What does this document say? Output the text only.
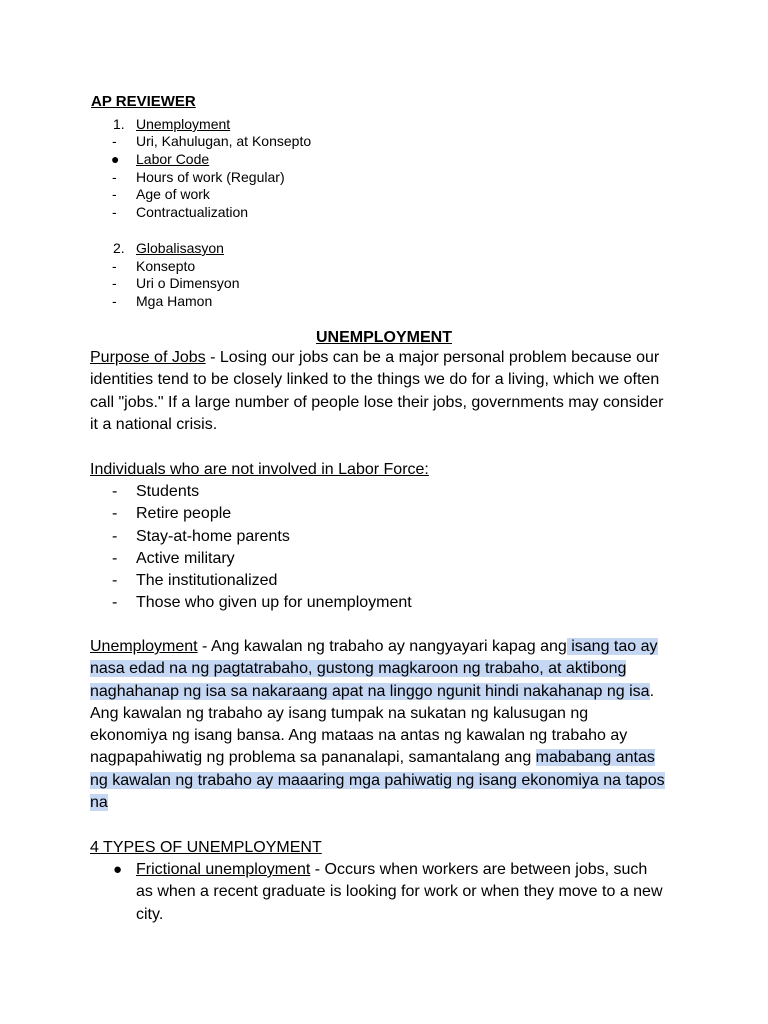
AP REVIEWER
1. Unemployment
- Uri, Kahulugan, at Konsepto
● Labor Code
- Hours of work (Regular)
- Age of work
- Contractualization
2. Globalisasyon
- Konsepto
- Uri o Dimensyon
- Mga Hamon
UNEMPLOYMENT
Purpose of Jobs - Losing our jobs can be a major personal problem because our
identities tend to be closely linked to the things we do for a living, which we often
call "jobs." If a large number of people lose their jobs, governments may consider
it a national crisis.
Individuals who are not involved in Labor Force:
- Students
- Retire people
- Stay-at-home parents
- Active military
- The institutionalized
- Those who given up for unemployment
Unemployment - Ang kawalan ng trabaho ay nangyayari kapag ang isang tao ay
nasa edad na ng pagtatrabaho, gustong magkaroon ng trabaho, at aktibong
naghahanap ng isa sa nakaraang apat na linggo ngunit hindi nakahanap ng isa.
Ang kawalan ng trabaho ay isang tumpak na sukatan ng kalusugan ng
ekonomiya ng isang bansa. Ang mataas na antas ng kawalan ng trabaho ay
nagpapahiwatig ng problema sa pananalapi, samantalang ang mababang antas
ng kawalan ng trabaho ay maaaring mga pahiwatig ng isang ekonomiya na tapos
na
4 TYPES OF UNEMPLOYMENT
● Frictional unemployment - Occurs when workers are between jobs, such
as when a recent graduate is looking for work or when they move to a new
city.
